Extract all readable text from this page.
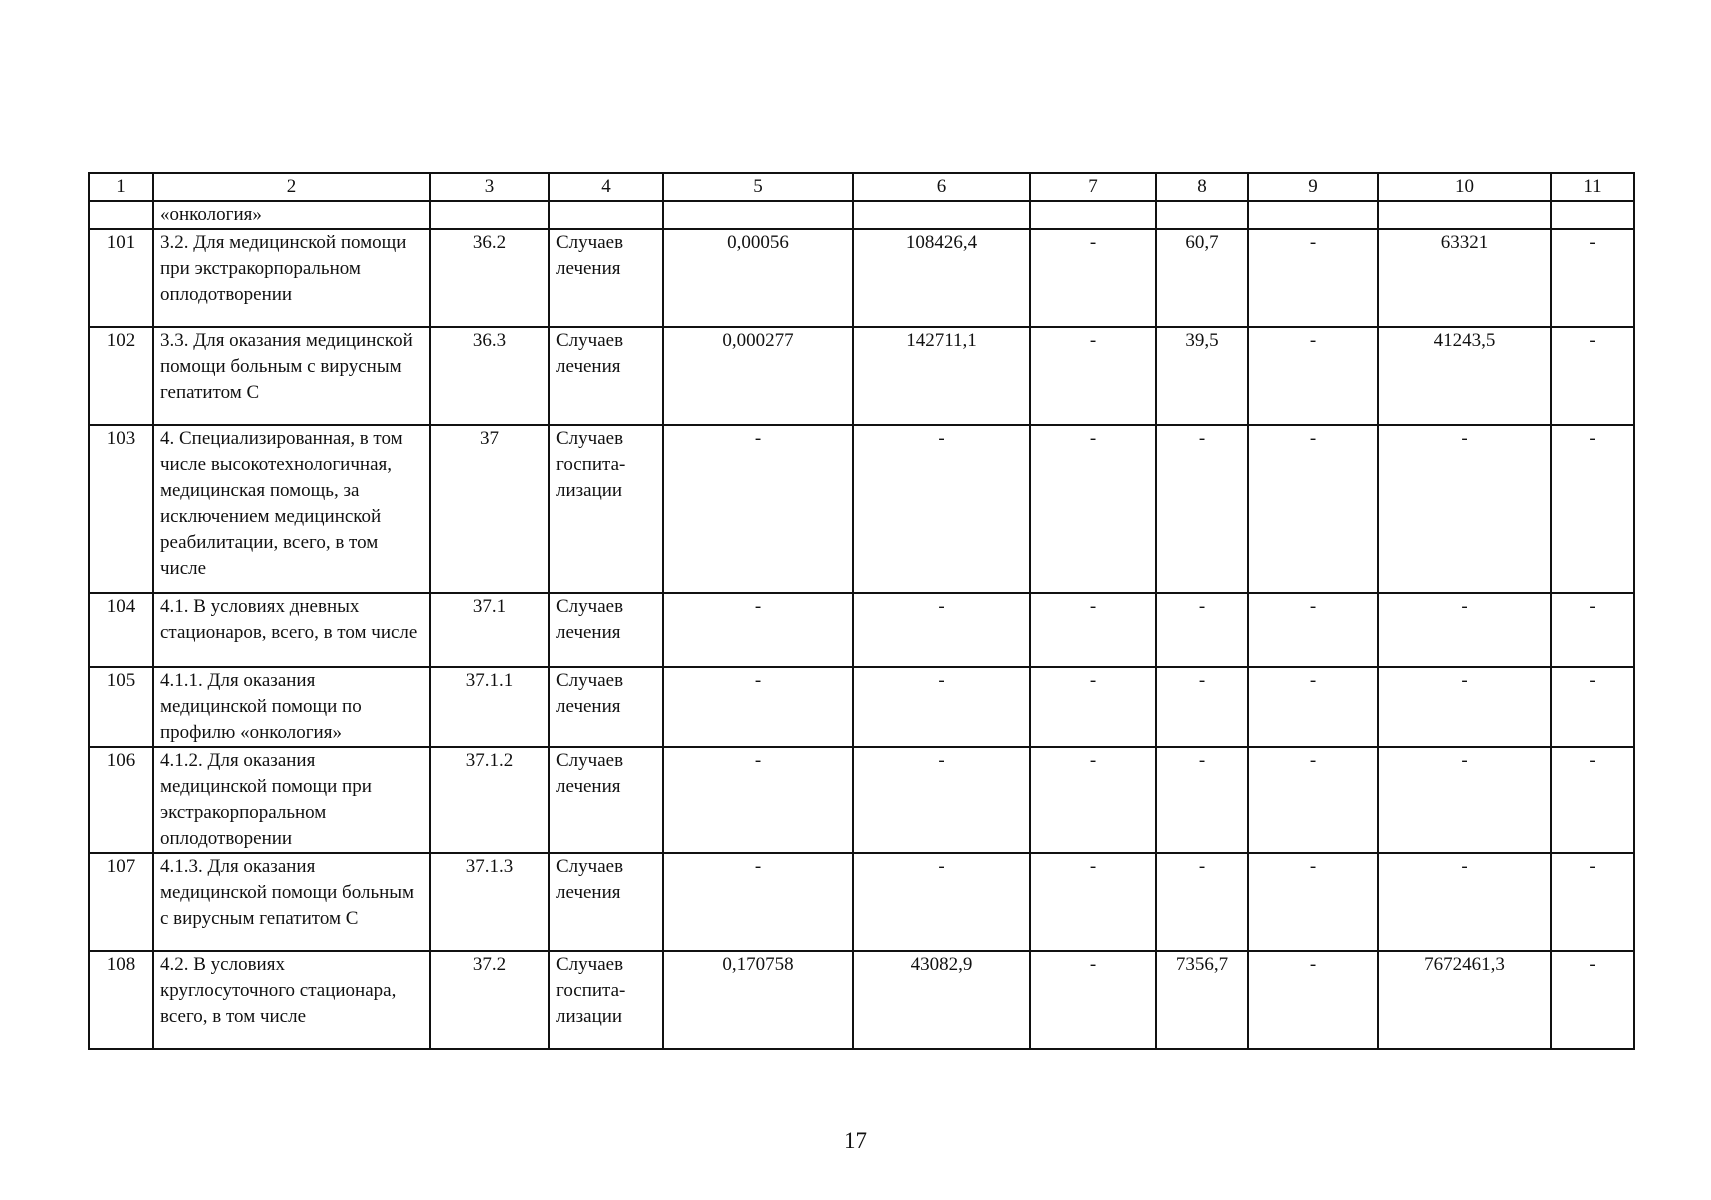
1	2	3	4	5	6	7	8	9	10	11
	«онкология»									
101	3.2. Для медицинской помощи при экстракорпоральном оплодотворении	36.2	Случаев лечения	0,00056	108426,4	-	60,7	-	63321	-
102	3.3. Для оказания медицинской помощи больным с вирусным гепатитом С	36.3	Случаев лечения	0,000277	142711,1	-	39,5	-	41243,5	-
103	4. Специализированная, в том числе высокотехнологичная, медицинская помощь, за исключением медицинской реабилитации, всего, в том числе	37	Случаев госпита-лизации	-	-	-	-	-	-	-
104	4.1. В условиях дневных стационаров, всего, в том числе	37.1	Случаев лечения	-	-	-	-	-	-	-
105	4.1.1. Для оказания медицинской помощи по профилю «онкология»	37.1.1	Случаев лечения	-	-	-	-	-	-	-
106	4.1.2. Для оказания медицинской помощи при экстракорпоральном оплодотворении	37.1.2	Случаев лечения	-	-	-	-	-	-	-
107	4.1.3. Для оказания медицинской помощи больным с вирусным гепатитом С	37.1.3	Случаев лечения	-	-	-	-	-	-	-
108	4.2. В условиях круглосуточного стационара, всего, в том числе	37.2	Случаев госпита-лизации	0,170758	43082,9	-	7356,7	-	7672461,3	-
17
